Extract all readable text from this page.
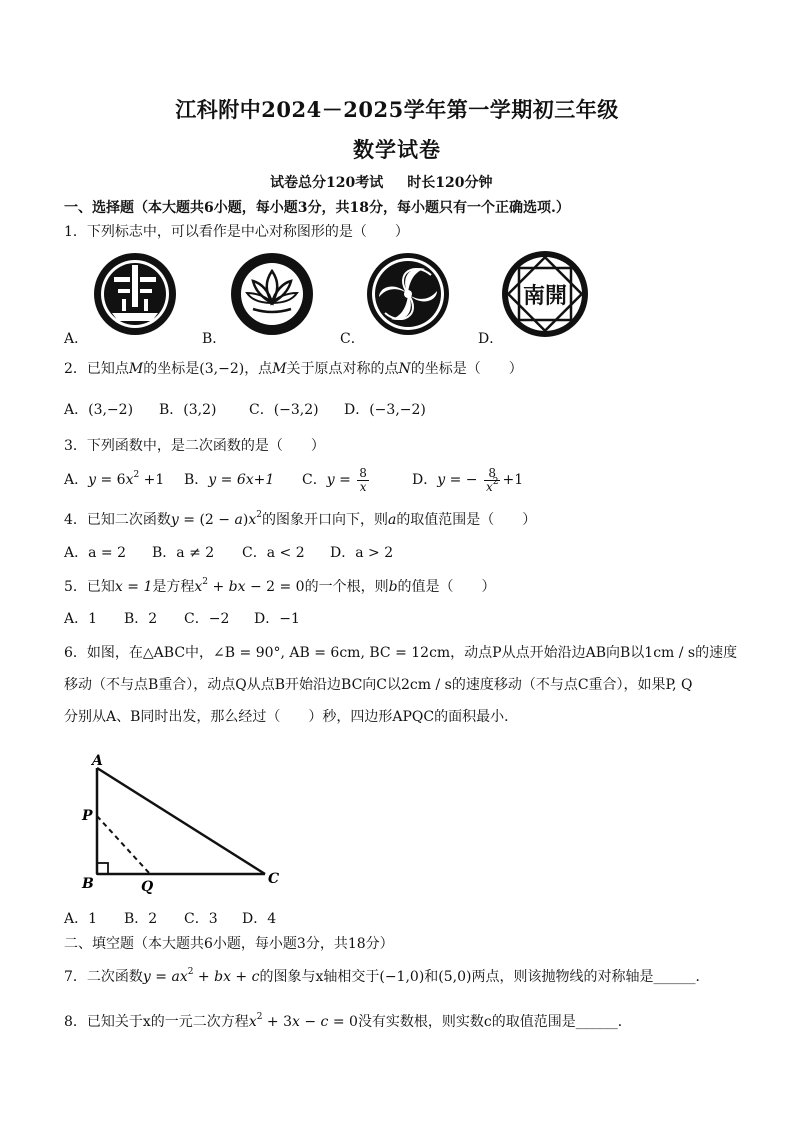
江科附中2024－2025学年第一学期初三年级
数学试卷
试卷总分120考试 时长120分钟
一、选择题（本大题共6小题，每小题3分，共18分，每小题只有一个正确选项.）
1．下列标志中，可以看作是中心对称图形的是（　　）
A．	B．	C．
南開
D．
2．已知点M的坐标是(3,−2)，点M关于原点对称的点N的坐标是（　　）
A．(3,−2) B．(3,2) C．(−3,2) D．(−3,−2)
3．下列函数中，是二次函数的是（　　）
A．$y = 6x^2 +1$ B．y = 6x+1 C．$y = \frac{8}{x}$	D．y = − $\frac{8}{x^2} +1$
4．已知二次函数$y = (2 - a)x^2$的图象开口向下，则a的取值范围是（　　）
A．a = 2 B．a ≠ 2 C．a < 2 D．a > 2
5．已知x = 1是方程$x^2$ + bx − 2 = 0的一个根，则b的值是（　　）
A．1 B．2 C．−2 D．−1
6．如图，在△ABC中，∠B = 90°, AB = 6cm, BC = 12cm，动点P从点开始沿边AB向B以1cm / s的速度
移动（不与点B重合），动点Q从点B开始沿边BC向C以2cm / s的速度移动（不与点C重合），如果P, Q
分别从A、B同时出发，那么经过（　　）秒，四边形APQC的面积最小．
A
P
B	Q	C
A．1 B．2 C．3 D．4
二、填空题（本大题共6小题，每小题3分，共18分）
7．二次函数$y = ax^2$ + bx + c的图象与x轴相交于(−1,0)和(5,0)两点，则该抛物线的对称轴是______．
8．已知关于x的一元二次方程$x^2 + 3x - c = 0$没有实数根，则实数c的取值范围是______．
